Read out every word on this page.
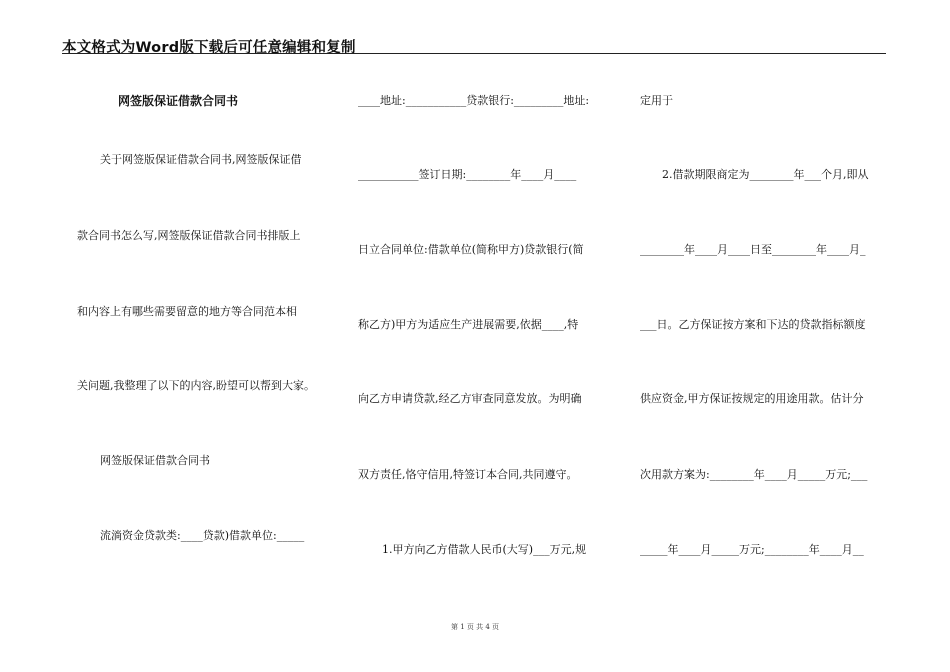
本文格式为Word版下载后可任意编辑和复制
网签版保证借款合同书
关于网签版保证借款合同书,网签版保证借
款合同书怎么写,网签版保证借款合同书排版上
和内容上有哪些需要留意的地方等合同范本相
关问题,我整理了以下的内容,盼望可以帮到大家。
网签版保证借款合同书
流淌资金贷款类:____贷款)借款单位:_____
____地址:___________贷款银行:_________地址:
___________签订日期:________年____月____
日立合同单位:借款单位(简称甲方)贷款银行(简
称乙方)甲方为适应生产进展需要,依据____,特
向乙方申请贷款,经乙方审查同意发放。为明确
双方责任,恪守信用,特签订本合同,共同遵守。
1.甲方向乙方借款人民币(大写)___万元,规
定用于
2.借款期限商定为________年___个月,即从
________年____月____日至________年____月_
___日。乙方保证按方案和下达的贷款指标额度
供应资金,甲方保证按规定的用途用款。估计分
次用款方案为:________年____月_____万元;___
_____年____月_____万元;________年____月__
第 1 页 共 4 页
